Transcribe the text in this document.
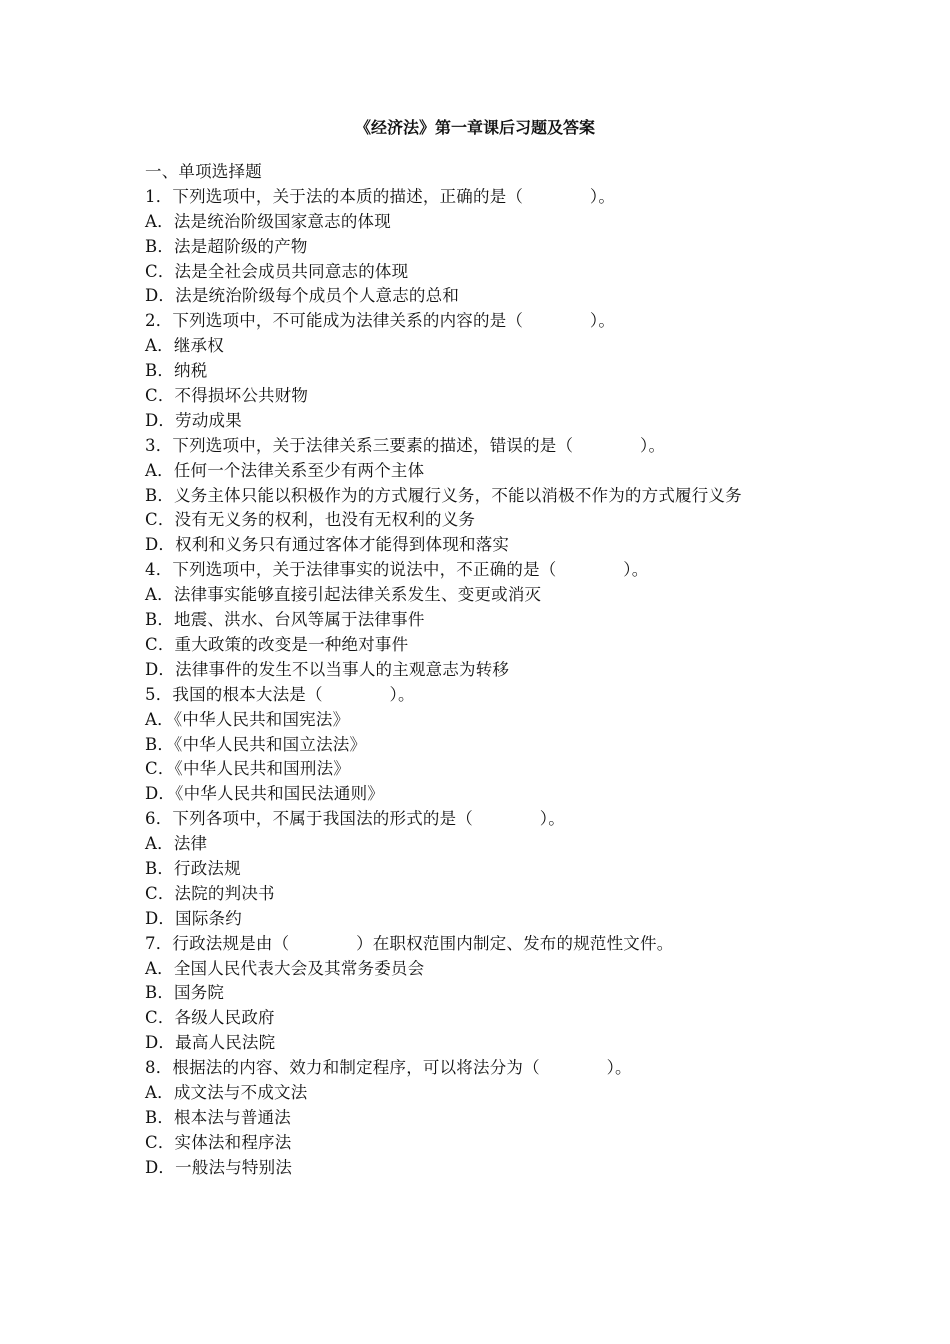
《经济法》第一章课后习题及答案
一、单项选择题
1．下列选项中，关于法的本质的描述，正确的是（　　　　）。
A．法是统治阶级国家意志的体现
B．法是超阶级的产物
C．法是全社会成员共同意志的体现
D．法是统治阶级每个成员个人意志的总和
2．下列选项中，不可能成为法律关系的内容的是（　　　　）。
A．继承权
B．纳税
C．不得损坏公共财物
D．劳动成果
3．下列选项中，关于法律关系三要素的描述，错误的是（　　　　）。
A．任何一个法律关系至少有两个主体
B．义务主体只能以积极作为的方式履行义务，不能以消极不作为的方式履行义务
C．没有无义务的权利，也没有无权利的义务
D．权利和义务只有通过客体才能得到体现和落实
4．下列选项中，关于法律事实的说法中，不正确的是（　　　　）。
A．法律事实能够直接引起法律关系发生、变更或消灭
B．地震、洪水、台风等属于法律事件
C．重大政策的改变是一种绝对事件
D．法律事件的发生不以当事人的主观意志为转移
5．我国的根本大法是（　　　　）。
A．《中华人民共和国宪法》
B．《中华人民共和国立法法》
C．《中华人民共和国刑法》
D．《中华人民共和国民法通则》
6．下列各项中，不属于我国法的形式的是（　　　　）。
A．法律
B．行政法规
C．法院的判决书
D．国际条约
7．行政法规是由（　　　　）在职权范围内制定、发布的规范性文件。
A．全国人民代表大会及其常务委员会
B．国务院
C．各级人民政府
D．最高人民法院
8．根据法的内容、效力和制定程序，可以将法分为（　　　　）。
A．成文法与不成文法
B．根本法与普通法
C．实体法和程序法
D．一般法与特别法
